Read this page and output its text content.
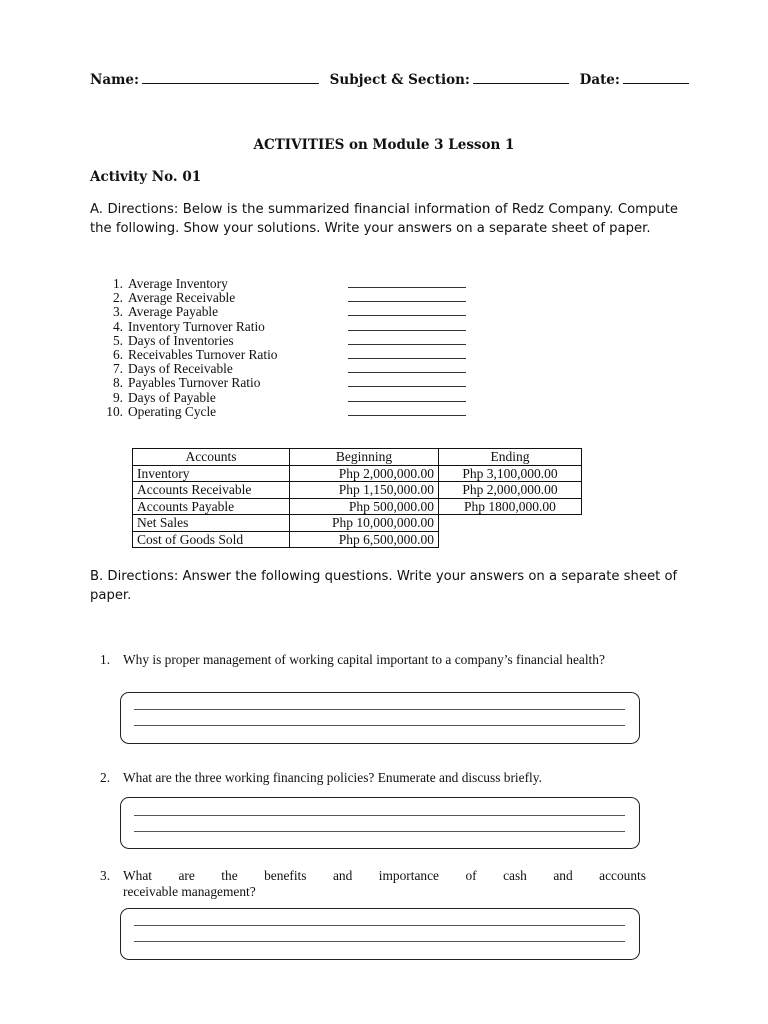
Name:	Subject & Section:	Date:
ACTIVITIES on Module 3 Lesson 1
Activity No. 01
A. Directions: Below is the summarized financial information of Redz Company. Compute the following. Show your solutions. Write your answers on a separate sheet of paper.
1. Average Inventory
2. Average Receivable
3. Average Payable
4. Inventory Turnover Ratio
5. Days of Inventories
6. Receivables Turnover Ratio
7. Days of Receivable
8. Payables Turnover Ratio
9. Days of Payable
10. Operating Cycle
Accounts	Beginning	Ending
Inventory	Php 2,000,000.00	Php 3,100,000.00
Accounts Receivable	Php 1,150,000.00	Php 2,000,000.00
Accounts Payable	Php 500,000.00	Php 1800,000.00
Net Sales	Php 10,000,000.00	
Cost of Goods Sold	Php 6,500,000.00	
B. Directions: Answer the following questions. Write your answers on a separate sheet of paper.
1. Why is proper management of working capital important to a company’s financial health?
2. What are the three working financing policies? Enumerate and discuss briefly.
3. What are the benefits and importance of cash and accounts
receivable management?
